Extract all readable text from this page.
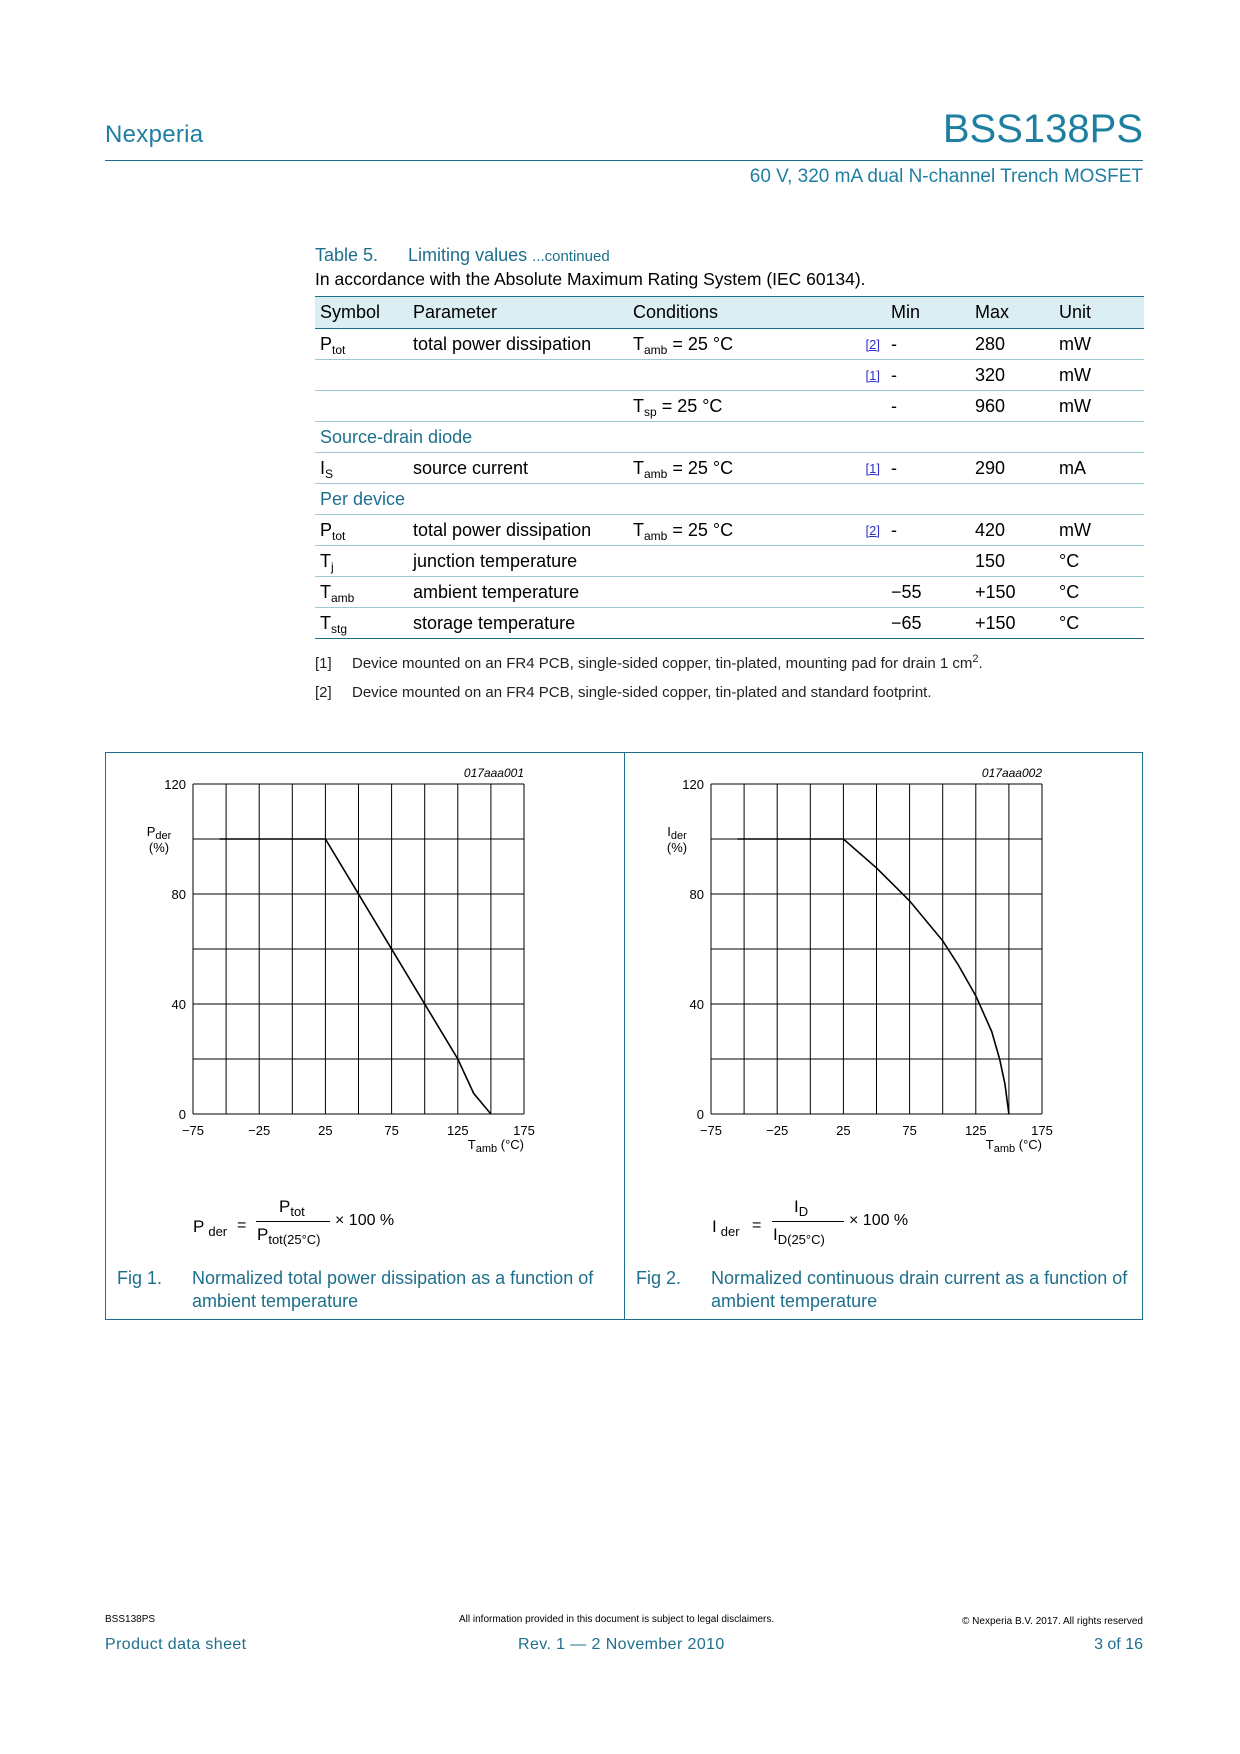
Nexperia	BSS138PS
60 V, 320 mA dual N-channel Trench MOSFET
Table 5. Limiting values ...continued
In accordance with the Absolute Maximum Rating System (IEC 60134).
Symbol	Parameter	Conditions		Min	Max	Unit
$P_{tot}$	total power dissipation	$T_{amb} = 25$ °C	[2]	-	280	mW
			[1]	-	320	mW
		$T_{sp} = 25$ °C		-	960	mW
Source-drain diode						
$I_S$	source current	$T_{amb} = 25$ °C	[1]	-	290	mA
Per device						
$P_{tot}$	total power dissipation	$T_{amb} = 25$ °C	[2]	-	420	mW
$T_j$	junction temperature				150	°C
$T_{amb}$	ambient temperature			−55	+150	°C
$T_{stg}$	storage temperature			−65	+150	°C
[1] Device mounted on an FR4 PCB, single-sided copper, tin-plated, mounting pad for drain 1 $cm^2$.
[2] Device mounted on an FR4 PCB, single-sided copper, tin-plated and standard footprint.
−75	−25	25	75	125	175
0
40
80
120
017aaa001
$P_{der}$
(%)
$T_{amb}$ (°C)
−75	−25	25	75	125	175
0
40
80
120
017aaa002
$I_{der}$
(%)
$T_{amb}$ (°C)
P $_{der}$ =
$P_{tot}$
$P_{tot(25^\circ C)}$
× 100 %	I $_{der}$ =
$I_D$
$I_{D(25^\circ C)}$
× 100 %
Fig 1. Normalized total power dissipation as a function of ambient temperature
Fig 2. Normalized continuous drain current as a function of ambient temperature
BSS138PS	All information provided in this document is subject to legal disclaimers.	© Nexperia B.V. 2017. All rights reserved
Product data sheet	Rev. 1 — 2 November 2010	3 of 16
